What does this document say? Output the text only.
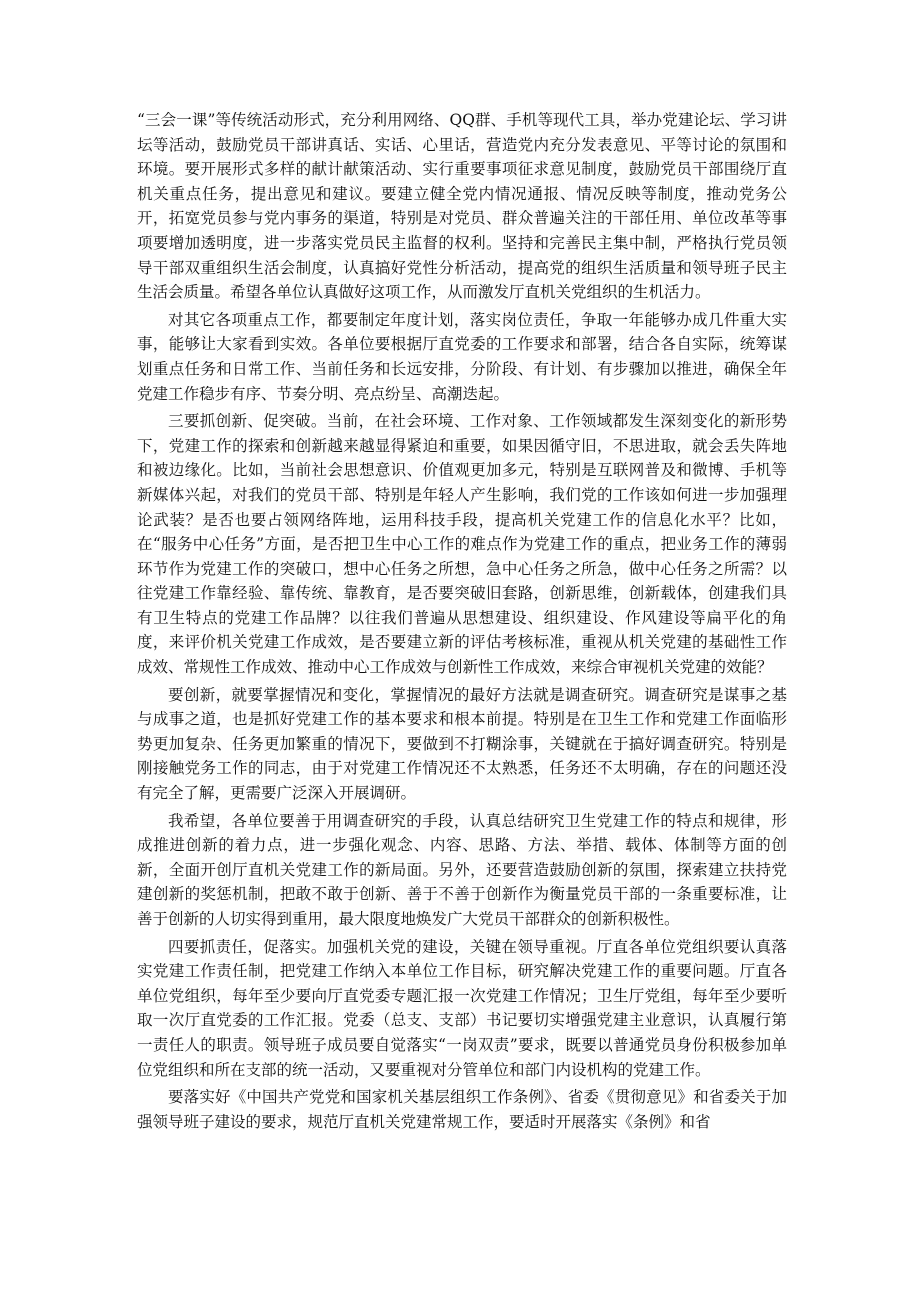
“三会一课”等传统活动形式，充分利用网络、QQ群、手机等现代工具，举办党建论坛、学习讲坛等活动，鼓励党员干部讲真话、实话、心里话，营造党内充分发表意见、平等讨论的氛围和环境。要开展形式多样的献计献策活动、实行重要事项征求意见制度，鼓励党员干部围绕厅直机关重点任务，提出意见和建议。要建立健全党内情况通报、情况反映等制度，推动党务公开，拓宽党员参与党内事务的渠道，特别是对党员、群众普遍关注的干部任用、单位改革等事项要增加透明度，进一步落实党员民主监督的权利。坚持和完善民主集中制，严格执行党员领导干部双重组织生活会制度，认真搞好党性分析活动，提高党的组织生活质量和领导班子民主生活会质量。希望各单位认真做好这项工作，从而激发厅直机关党组织的生机活力。

对其它各项重点工作，都要制定年度计划，落实岗位责任，争取一年能够办成几件重大实事，能够让大家看到实效。各单位要根据厅直党委的工作要求和部署，结合各自实际，统筹谋划重点任务和日常工作、当前任务和长远安排，分阶段、有计划、有步骤加以推进，确保全年党建工作稳步有序、节奏分明、亮点纷呈、高潮迭起。

三要抓创新、促突破。当前，在社会环境、工作对象、工作领域都发生深刻变化的新形势下，党建工作的探索和创新越来越显得紧迫和重要，如果因循守旧，不思进取，就会丢失阵地和被边缘化。比如，当前社会思想意识、价值观更加多元，特别是互联网普及和微博、手机等新媒体兴起，对我们的党员干部、特别是年轻人产生影响，我们党的工作该如何进一步加强理论武装？是否也要占领网络阵地，运用科技手段，提高机关党建工作的信息化水平？比如，在“服务中心任务”方面，是否把卫生中心工作的难点作为党建工作的重点，把业务工作的薄弱环节作为党建工作的突破口，想中心任务之所想，急中心任务之所急，做中心任务之所需？以往党建工作靠经验、靠传统、靠教育，是否要突破旧套路，创新思维，创新载体，创建我们具有卫生特点的党建工作品牌？以往我们普遍从思想建设、组织建设、作风建设等扁平化的角度，来评价机关党建工作成效，是否要建立新的评估考核标准，重视从机关党建的基础性工作成效、常规性工作成效、推动中心工作成效与创新性工作成效，来综合审视机关党建的效能？

要创新，就要掌握情况和变化，掌握情况的最好方法就是调查研究。调查研究是谋事之基与成事之道，也是抓好党建工作的基本要求和根本前提。特别是在卫生工作和党建工作面临形势更加复杂、任务更加繁重的情况下，要做到不打糊涂事，关键就在于搞好调查研究。特别是刚接触党务工作的同志，由于对党建工作情况还不太熟悉，任务还不太明确，存在的问题还没有完全了解，更需要广泛深入开展调研。

我希望，各单位要善于用调查研究的手段，认真总结研究卫生党建工作的特点和规律，形成推进创新的着力点，进一步强化观念、内容、思路、方法、举措、载体、体制等方面的创新，全面开创厅直机关党建工作的新局面。另外，还要营造鼓励创新的氛围，探索建立扶持党建创新的奖惩机制，把敢不敢于创新、善于不善于创新作为衡量党员干部的一条重要标准，让善于创新的人切实得到重用，最大限度地焕发广大党员干部群众的创新积极性。

四要抓责任，促落实。加强机关党的建设，关键在领导重视。厅直各单位党组织要认真落实党建工作责任制，把党建工作纳入本单位工作目标，研究解决党建工作的重要问题。厅直各单位党组织，每年至少要向厅直党委专题汇报一次党建工作情况；卫生厅党组，每年至少要听取一次厅直党委的工作汇报。党委（总支、支部）书记要切实增强党建主业意识，认真履行第一责任人的职责。领导班子成员要自觉落实“一岗双责”要求，既要以普通党员身份积极参加单位党组织和所在支部的统一活动，又要重视对分管单位和部门内设机构的党建工作。

要落实好《中国共产党党和国家机关基层组织工作条例》、省委《贯彻意见》和省委关于加强领导班子建设的要求，规范厅直机关党建常规工作，要适时开展落实《条例》和省
